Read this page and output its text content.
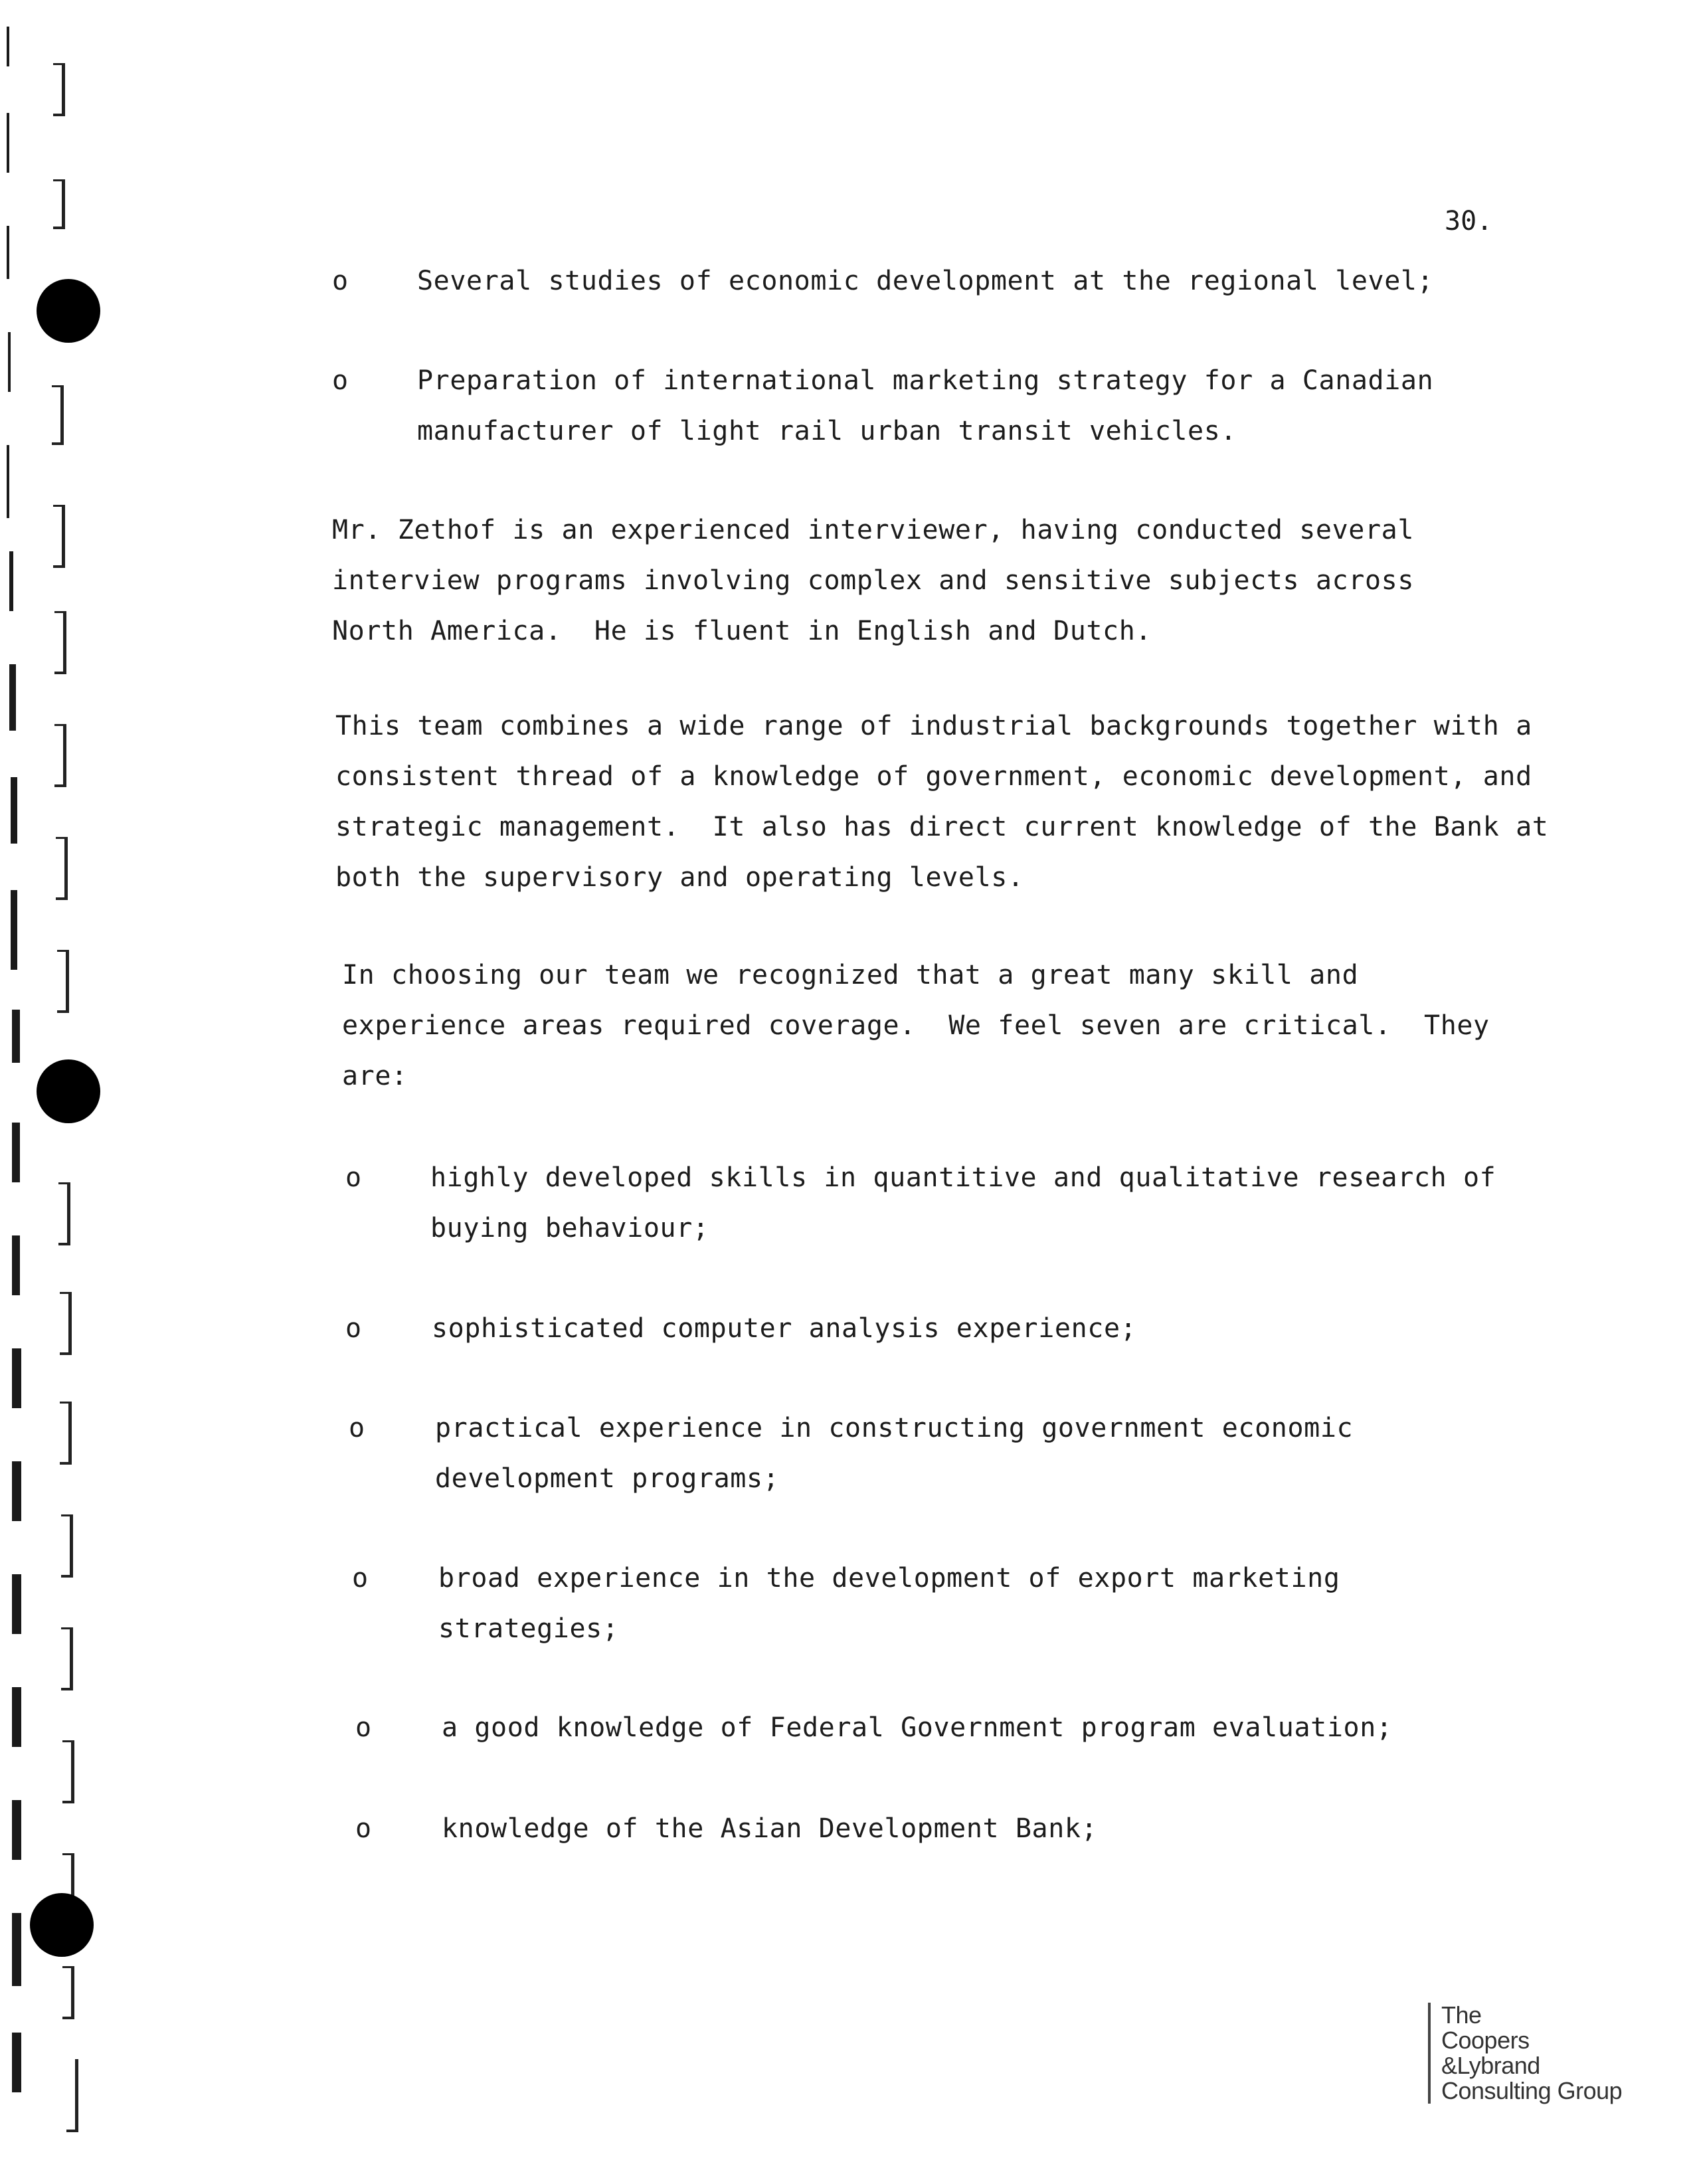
30.
o	Several studies of economic development at the regional level;

o	Preparation of international marketing strategy for a Canadian manufacturer of light rail urban transit vehicles.

Mr. Zethof is an experienced interviewer, having conducted several interview programs involving complex and sensitive subjects across North America.  He is fluent in English and Dutch.

This team combines a wide range of industrial backgrounds together with a consistent thread of a knowledge of government, economic development, and strategic management.  It also has direct current knowledge of the Bank at both the supervisory and operating levels.

In choosing our team we recognized that a great many skill and experience areas required coverage.  We feel seven are critical.  They are:

o	highly developed skills in quantitive and qualitative research of buying behaviour;

o	sophisticated computer analysis experience;

o	practical experience in constructing government economic development programs;

o	broad experience in the development of export marketing strategies;

o	a good knowledge of Federal Government program evaluation;

o	knowledge of the Asian Development Bank;

The
Coopers
&Lybrand
Consulting Group
